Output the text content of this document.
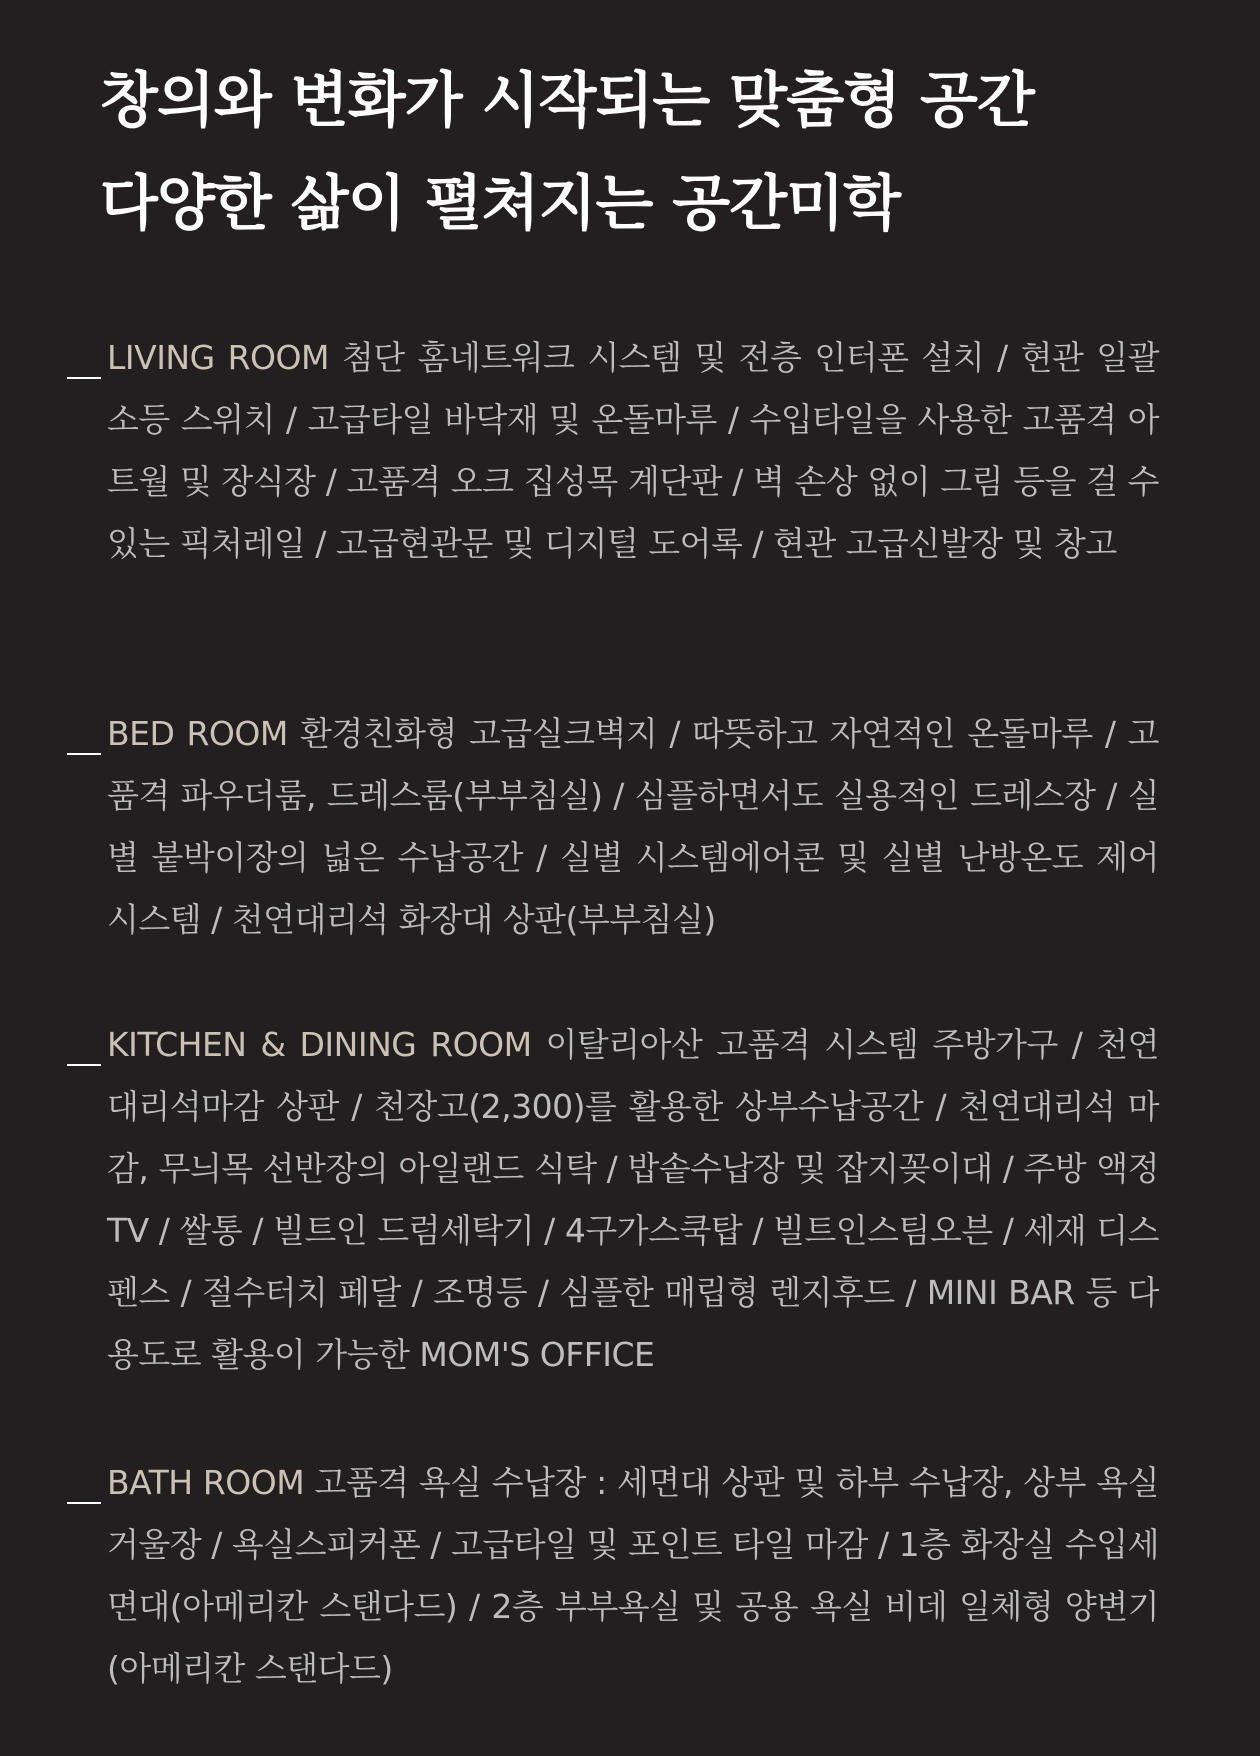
창의와 변화가 시작되는 맞춤형 공간
다양한 삶이 펼쳐지는 공간미학
LIVING ROOM 첨단 홈네트워크 시스템 및 전층 인터폰 설치 / 현관 일괄 소등 스위치 / 고급타일 바닥재 및 온돌마루 / 수입타일을 사용한 고품격 아트월 및 장식장 / 고품격 오크 집성목 계단판 / 벽 손상 없이 그림 등을 걸 수 있는 픽처레일 / 고급현관문 및 디지털 도어록 / 현관 고급신발장 및 창고
BED ROOM 환경친화형 고급실크벽지 / 따뜻하고 자연적인 온돌마루 / 고품격 파우더룸, 드레스룸(부부침실) / 심플하면서도 실용적인 드레스장 / 실별 붙박이장의 넓은 수납공간 / 실별 시스템에어콘 및 실별 난방온도 제어 시스템 / 천연대리석 화장대 상판(부부침실)
KITCHEN & DINING ROOM 이탈리아산 고품격 시스템 주방가구 / 천연 대리석마감 상판 / 천장고(2,300)를 활용한 상부수납공간 / 천연대리석 마감, 무늬목 선반장의 아일랜드 식탁 / 밥솥수납장 및 잡지꽂이대 / 주방 액정TV / 쌀통 / 빌트인 드럼세탁기 / 4구가스쿡탑 / 빌트인스팀오븐 / 세재 디스펜스 / 절수터치 페달 / 조명등 / 심플한 매립형 렌지후드 / MINI BAR 등 다용도로 활용이 가능한 MOM'S OFFICE
BATH ROOM 고품격 욕실 수납장 : 세면대 상판 및 하부 수납장, 상부 욕실 거울장 / 욕실스피커폰 / 고급타일 및 포인트 타일 마감 / 1층 화장실 수입세면대(아메리칸 스탠다드) / 2층 부부욕실 및 공용 욕실 비데 일체형 양변기(아메리칸 스탠다드)
